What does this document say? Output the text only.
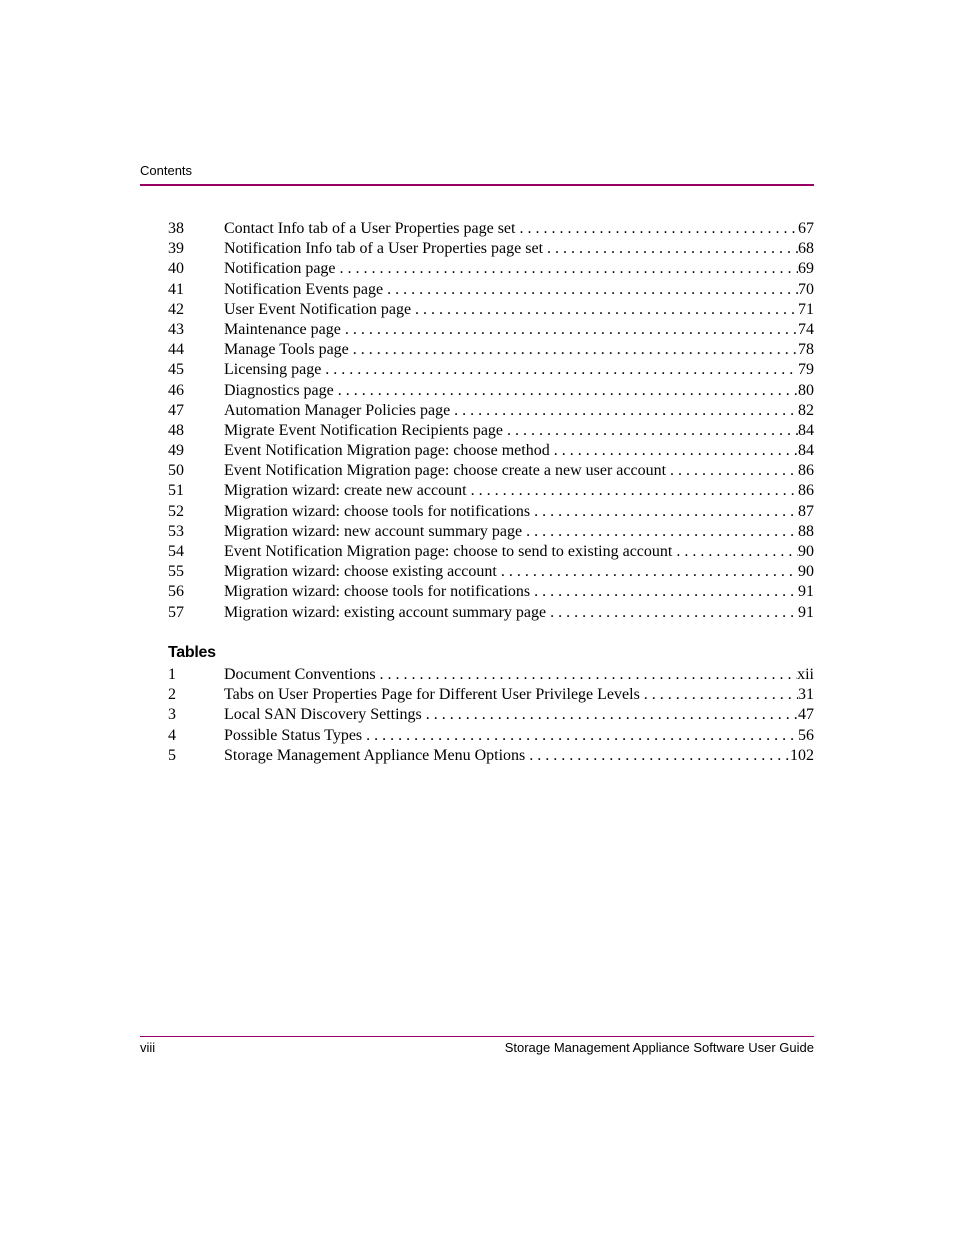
Contents
38	Contact Info tab of a User Properties page set . . .	67
39	Notification Info tab of a User Properties page set . . .	68
40	Notification page . . .	69
41	Notification Events page . . .	70
42	User Event Notification page . . .	71
43	Maintenance page . . .	74
44	Manage Tools page . . .	78
45	Licensing page . . .	79
46	Diagnostics page . . .	80
47	Automation Manager Policies page . . .	82
48	Migrate Event Notification Recipients page . . .	84
49	Event Notification Migration page: choose method . . .	84
50	Event Notification Migration page: choose create a new user account . . .	86
51	Migration wizard: create new account . . .	86
52	Migration wizard: choose tools for notifications . . .	87
53	Migration wizard: new account summary page . . .	88
54	Event Notification Migration page: choose to send to existing account . . .	90
55	Migration wizard: choose existing account . . .	90
56	Migration wizard: choose tools for notifications . . .	91
57	Migration wizard: existing account summary page . . .	91
Tables
1	Document Conventions . . .	xii
2	Tabs on User Properties Page for Different User Privilege Levels . . .	31
3	Local SAN Discovery Settings . . .	47
4	Possible Status Types . . .	56
5	Storage Management Appliance Menu Options . . .	102
viii	Storage Management Appliance Software User Guide
